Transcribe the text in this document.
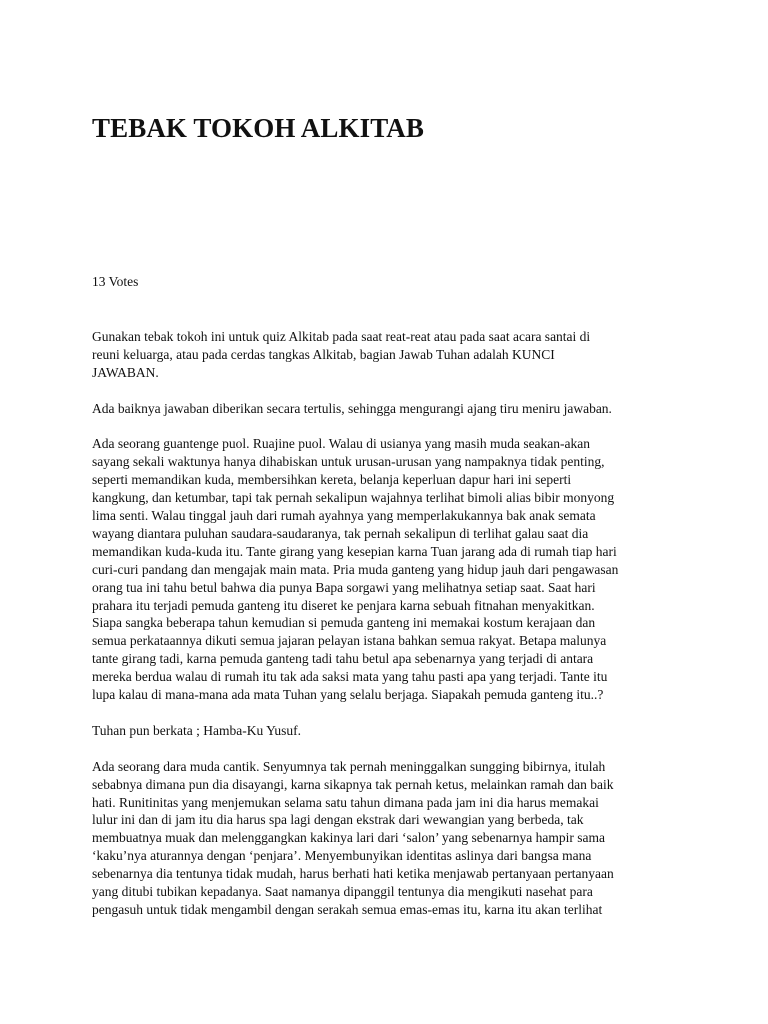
TEBAK TOKOH ALKITAB

13 Votes

Gunakan tebak tokoh ini untuk quiz Alkitab pada saat reat-reat atau pada saat acara santai di
reuni keluarga, atau pada cerdas tangkas Alkitab, bagian Jawab Tuhan adalah KUNCI
JAWABAN.

Ada baiknya jawaban diberikan secara tertulis, sehingga mengurangi ajang tiru meniru jawaban.

Ada seorang guantenge puol. Ruajine puol. Walau di usianya yang masih muda seakan-akan
sayang sekali waktunya hanya dihabiskan untuk urusan-urusan yang nampaknya tidak penting,
seperti memandikan kuda, membersihkan kereta, belanja keperluan dapur hari ini seperti
kangkung, dan ketumbar, tapi tak pernah sekalipun wajahnya terlihat bimoli alias bibir monyong
lima senti. Walau tinggal jauh dari rumah ayahnya yang memperlakukannya bak anak semata
wayang diantara puluhan saudara-saudaranya, tak pernah sekalipun di terlihat galau saat dia
memandikan kuda-kuda itu. Tante girang yang kesepian karna Tuan jarang ada di rumah tiap hari
curi-curi pandang dan mengajak main mata. Pria muda ganteng yang hidup jauh dari pengawasan
orang tua ini tahu betul bahwa dia punya Bapa sorgawi yang melihatnya setiap saat. Saat hari
prahara itu terjadi pemuda ganteng itu diseret ke penjara karna sebuah fitnahan menyakitkan.
Siapa sangka beberapa tahun kemudian si pemuda ganteng ini memakai kostum kerajaan dan
semua perkataannya dikuti semua jajaran pelayan istana bahkan semua rakyat. Betapa malunya
tante girang tadi, karna pemuda ganteng tadi tahu betul apa sebenarnya yang terjadi di antara
mereka berdua walau di rumah itu tak ada saksi mata yang tahu pasti apa yang terjadi. Tante itu
lupa kalau di mana-mana ada mata Tuhan yang selalu berjaga. Siapakah pemuda ganteng itu..?

Tuhan pun berkata ; Hamba-Ku Yusuf.

Ada seorang dara muda cantik. Senyumnya tak pernah meninggalkan sungging bibirnya, itulah
sebabnya dimana pun dia disayangi, karna sikapnya tak pernah ketus, melainkan ramah dan baik
hati. Runitinitas yang menjemukan selama satu tahun dimana pada jam ini dia harus memakai
lulur ini dan di jam itu dia harus spa lagi dengan ekstrak dari wewangian yang berbeda, tak
membuatnya muak dan melenggangkan kakinya lari dari ‘salon’ yang sebenarnya hampir sama
‘kaku’nya aturannya dengan ‘penjara’. Menyembunyikan identitas aslinya dari bangsa mana
sebenarnya dia tentunya tidak mudah, harus berhati hati ketika menjawab pertanyaan pertanyaan
yang ditubi tubikan kepadanya. Saat namanya dipanggil tentunya dia mengikuti nasehat para
pengasuh untuk tidak mengambil dengan serakah semua emas-emas itu, karna itu akan terlihat
